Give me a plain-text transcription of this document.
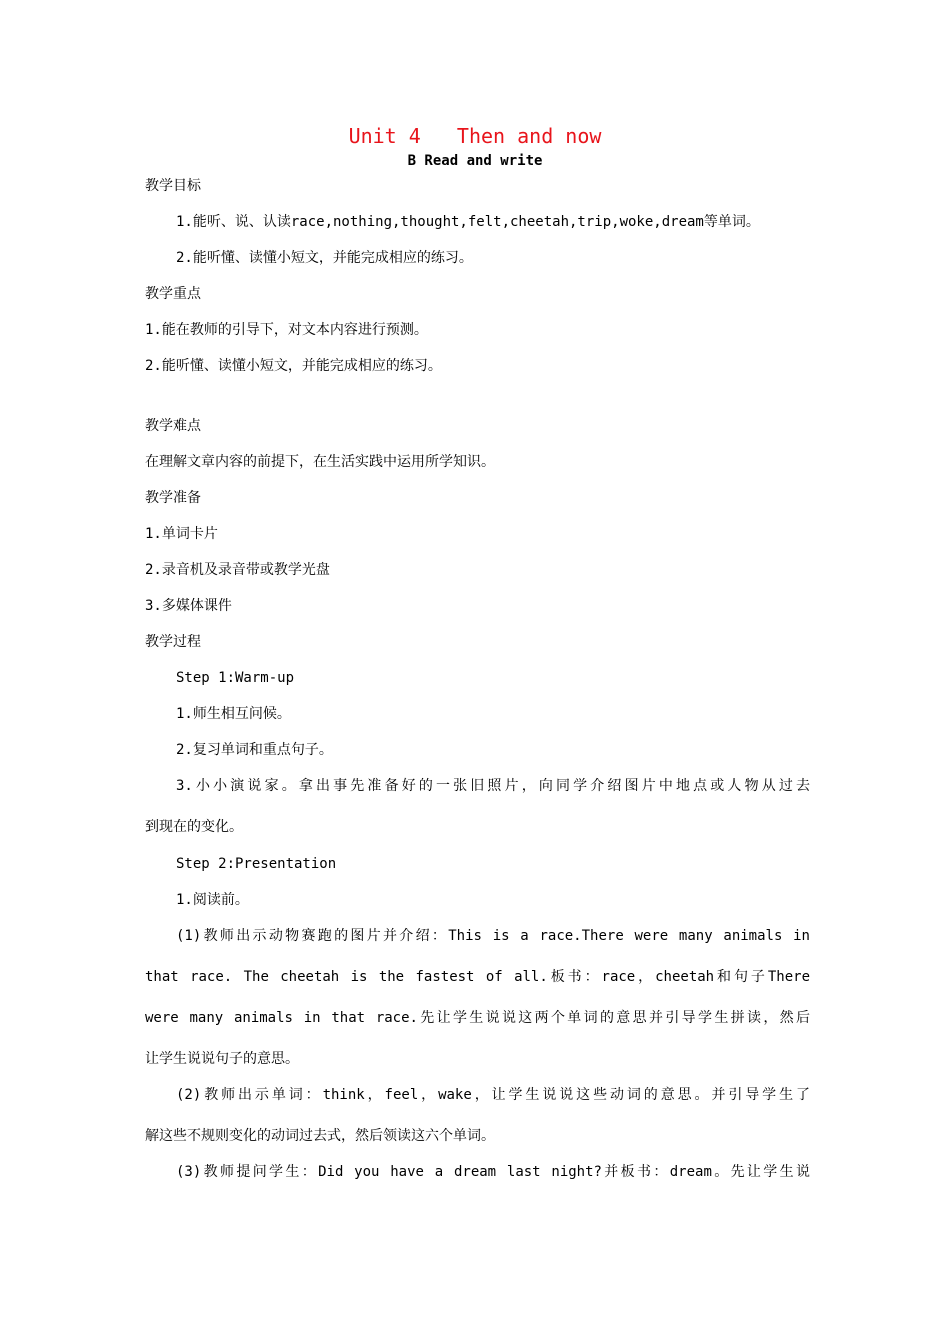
Unit 4   Then and now
B Read and write
教学目标
1.能听、说、认读race,nothing,thought,felt,cheetah,trip,woke,dream等单词。
2.能听懂、读懂小短文，并能完成相应的练习。
教学重点
1.能在教师的引导下，对文本内容进行预测。
2.能听懂、读懂小短文，并能完成相应的练习。
教学难点
在理解文章内容的前提下，在生活实践中运用所学知识。
教学准备
1.单词卡片
2.录音机及录音带或教学光盘
3.多媒体课件
教学过程
Step 1:Warm-up
1.师生相互问候。
2.复习单词和重点句子。
3.小小演说家。拿出事先准备好的一张旧照片，向同学介绍图片中地点或人物从过去
到现在的变化。
Step 2:Presentation
1.阅读前。
(1)教师出示动物赛跑的图片并介绍：This is a race.There were many animals in
that race. The cheetah is the fastest of all.板书：race，cheetah和句子There
were many animals in that race.先让学生说说这两个单词的意思并引导学生拼读，然后
让学生说说句子的意思。
(2)教师出示单词：think，feel，wake，让学生说说这些动词的意思。并引导学生了
解这些不规则变化的动词过去式，然后领读这六个单词。
(3)教师提问学生：Did you have a dream last night?并板书：dream。先让学生说
